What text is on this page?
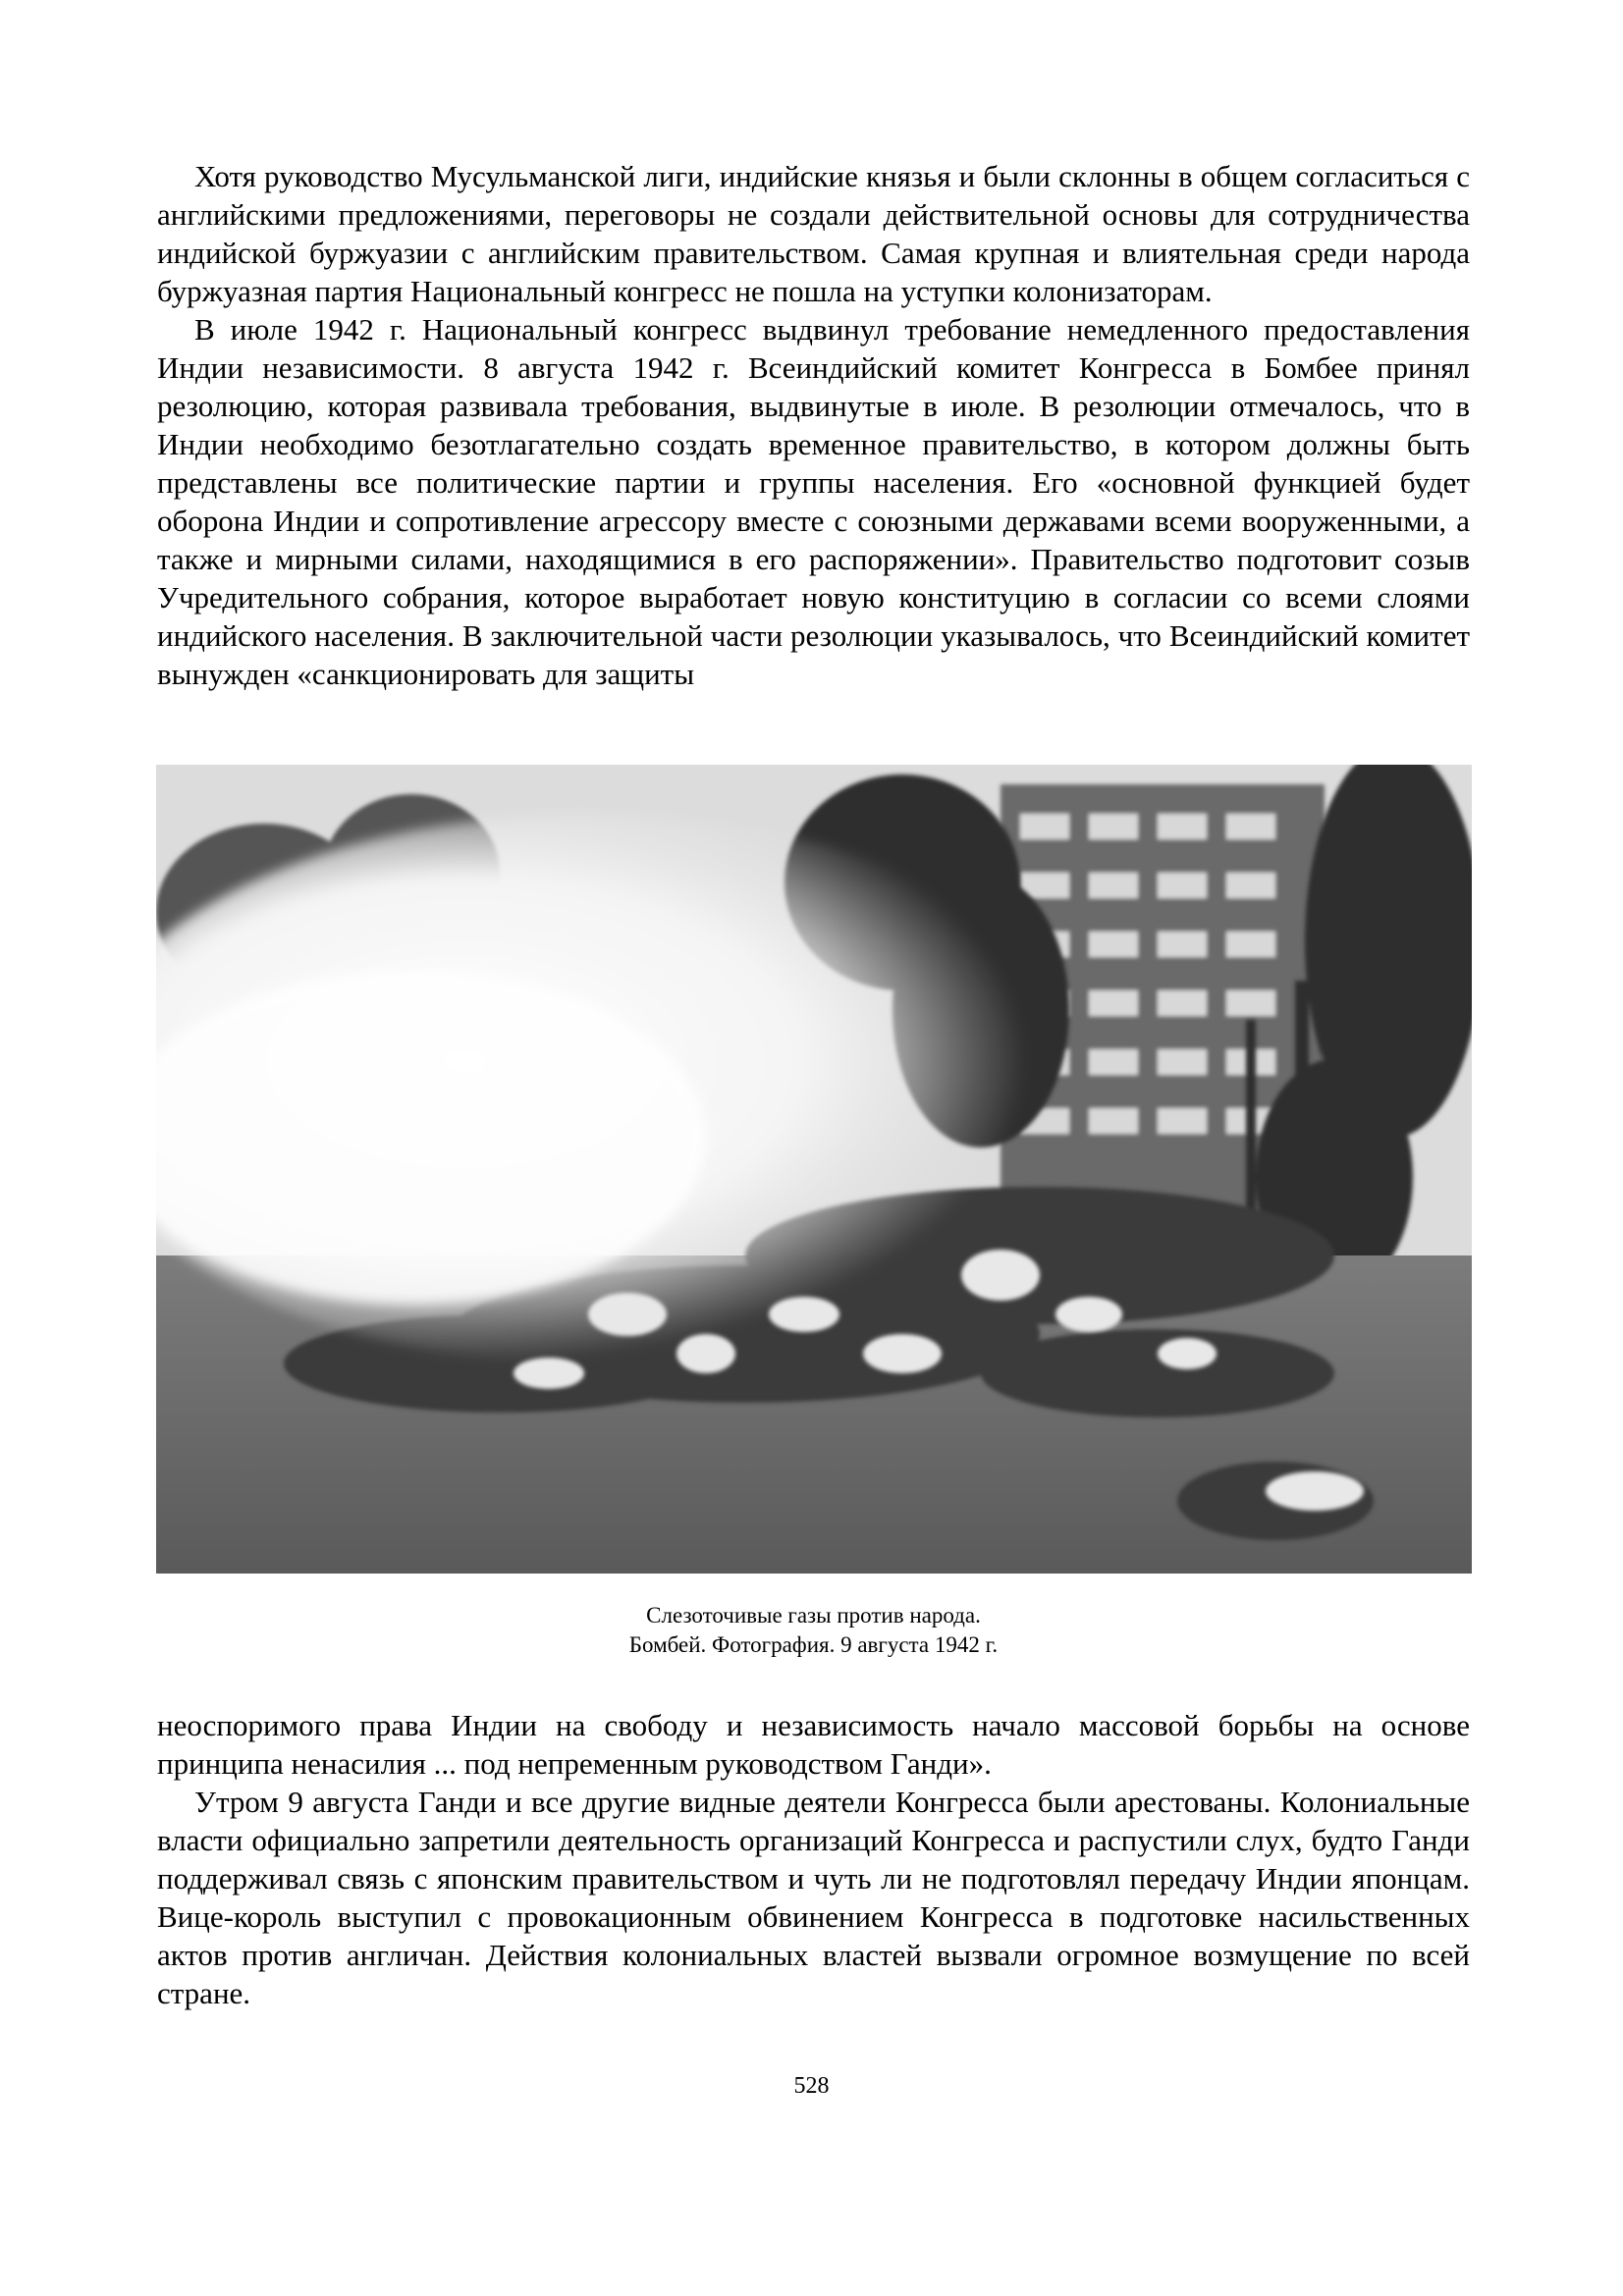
Хотя руководство Мусульманской лиги, индийские князья и были склонны в общем согласиться с английскими предложениями, переговоры не создали действительной основы для сотрудничества индийской буржуазии с английским правительством. Самая крупная и влиятельная среди народа буржуазная партия Национальный конгресс не пошла на уступки колонизаторам.

В июле 1942 г. Национальный конгресс выдвинул требование немедленного предоставления Индии независимости. 8 августа 1942 г. Всеиндийский комитет Конгресса в Бомбее принял резолюцию, которая развивала требования, выдвинутые в июле. В резолюции отмечалось, что в Индии необходимо безотлагательно создать временное правительство, в котором должны быть представлены все политические партии и группы населения. Его «основной функцией будет оборона Индии и сопротивление агрессору вместе с союзными державами всеми вооруженными, а также и мирными силами, находящимися в его распоряжении». Правительство подготовит созыв Учредительного собрания, которое выработает новую конституцию в согласии со всеми слоями индийского населения. В заключительной части резолюции указывалось, что Всеиндийский комитет вынужден «санкционировать для защиты

Слезоточивые газы против народа.
Бомбей. Фотография. 9 августа 1942 г.

неоспоримого права Индии на свободу и независимость начало массовой борьбы на основе принципа ненасилия ... под непременным руководством Ганди».

Утром 9 августа Ганди и все другие видные деятели Конгресса были арестованы. Колониальные власти официально запретили деятельность организаций Конгресса и распустили слух, будто Ганди поддерживал связь с японским правительством и чуть ли не подготовлял передачу Индии японцам. Вице-король выступил с провокационным обвинением Конгресса в подготовке насильственных актов против англичан. Действия колониальных властей вызвали огромное возмущение по всей стране.

528
